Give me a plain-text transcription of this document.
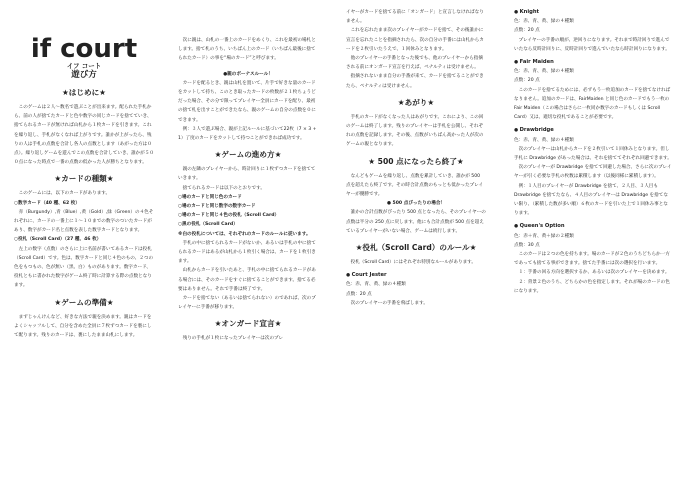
if court
イフ コート
遊び方
★はじめに★

このゲームは２人～数名で遊ぶことが出来ます。配られた手札から、前の人が捨てたカードと色や数字の同じカードを捨てていき、捨てられるカードが無ければ山札から１枚カードを引きます。これを繰り返し、手札がなくなれば上がりです。誰かが上がったら、残りの人は手札の点数を合計し各人の点数とします（あがった方は０点）。繰り返しゲームを遊んでこの点数を合計していき、誰かが５００点になった時点で一番の点数の低かった人が勝ちとなります。

★カードの種類★

このゲームには、以下のカードがあります。

○数字カード（40 種、62 枚）

赤（Burgundy）,青（Blue）,黄（Gold）,緑（Green）の４色それぞれに、カードの一番上に１～１０までの数字のついたカードがあり、数字がカード名と点数を表した数字カードとなります。

○役札（Scroll Card）（27 種、46 枚）

左上の数字（点数）のさらに上に名前が書いてあるカードは役札（Scroll Card）です。色は、数字カードと同じ４色のもの、２つの色をもつもの、色が無い（黒、白）ものがあります。数字カード、役札ともに書かれた数字がゲーム終了時に計算する際の点数となります。

★ゲームの準備★

まずじゃんけんなど、好きな方法で親を決めます。親はカードをよくシャッフルして、自分を含めた全員に７枚ずつカードを裏にして配ります。残りのカードは、裏にしたまま山札にします。

次に親は、山札の一番上のカードをめくり、これを最初の場札とします。捨て札のうち、いちばん上のカード（いちばん最後に捨てられたカード）の事を“場のカード”と呼びます。

●親のボーナスルール！

カードを配るとき、親は山札を置いて、片手で好きな量のカードをカットして持ち、このとき取ったカードの枚数が２１枚ちょうどだった場合、その分で限ってプレイヤー全員にカードを配り、最初の捨て札を出すことができたなら、親のゲームの自分の点数を０にできます。

例：３人で遊ぶ場合、親が上記ルールに基づいて22枚（7 × 3 + 1）了度のカードをカットして持つことができれば成功です。

★ゲームの進め方★

親の左隣のプレイヤーから、時計回りに１枚ずつカードを捨てていきます。

捨てられるカードは以下のとおりです。

○場のカードと同じ色のカード
○場のカードと同じ数字の数字カード
○場のカードと同じ４色の役札（Scroll Card）
○黒の役札（Scroll Card）
※白の役札については、それぞれのカードのルールに従います。

手札の中に捨てられるカードがないか、あるいは手札の中に捨てられるカードはあるが山札から１枚引く場合は、カードを１枚引きます。

山札からカードを引いたあと、手札の中に捨てられるカードがある場合には、そのカードをすぐに捨てることができます。捨てる必要はありません。それで手番は終了です。

カードを捨てない（あるいは捨てられない）のであれば、次のプレイヤーに手番が移ります。

★オンガード宣言★

残りの手札が１枚になったプレイヤーは次のプレ

イヤーがカードを捨てる前に「オンガード」と宣言しなければなりません。

これを忘れたまま次のプレイヤーがカードを捨て、その後誰かに宣言を忘れたことを指摘されたら、次の自分の手番には山札からカードを２枚引いたうえで、１回休みとなります。

他のプレイヤーの手番となった後でも、他のプレイヤーから指摘される前にオンガード宣言を行えば、ペナルティは受けません。

指摘されないまま自分の手番が来て、カードを捨てることができたら、ペナルティは受けません。

★あがり★

手札のカードがなくなった人はあがりです。これにより、この回のゲームは終了します。残りのプレイヤーは手札を公開し、それぞれの点数を記録します。その後、点数がいちばん高かった人が次のゲームの親となります。

★ 500 点になったら終了★

なんどもゲームを繰り返し、点数を累計していき、誰かが 500 点を超えたら終了です。その時合計点数のもっとも低かったプレイヤーが優勝です。

● 500 点ぴったりの場合！

誰かの合計点数がぴったり 500 点となったら、そのプレイヤーの点数は半分の 250 点に戻します。他にも合計点数が 500 点を超えているプレイヤーがいない場合、ゲームは続行します。

★役札（Scroll Card）のルール★

役札（Scroll Card）にはそれぞれ特別なルールがあります。

● Court Jester
色：赤、青、黄、緑の４種類
点数：20 点

次のプレイヤーの手番を飛ばします。

● Knight
色：赤、青、黄、緑の４種類
点数：20 点

プレイヤーの手番の順が、逆回りになります。それまで時計回りで進んでいたなら反時計回りに、反時計回りで進んでいたなら時計回りになります。

● Fair Maiden
色：赤、青、黄、緑の４種類
点数：20 点

このカードを捨てるためには、必ずもう一枚追加のカードを捨てなければなりません。追加のカードは、FairMaiden と同じ色のカードでもう一枚の Fair Maiden（この場合はさらに一枚同か数字のカードもしくは Scroll Card）又は、適切な役札であることが必要です。

● Drawbridge
色：赤、青、黄、緑の４種類

次のプレイヤーは山札からカードを２枚引いて１回休みとなります。但し手札に Drawbridge があった場合は、それを捨ててそれぞれ回避できます。

次のプレイヤーが Drawbridge を捨てて回避した場合、さらに次のプレイヤーが引く必要な手札の枚数は累積します（以後同様に累積します）。

例：１人目のプレイヤーが Drawbridge を捨て、２人目、３人目も Drawbridge を捨てたなら、４人目のプレイヤーは Drawbridge を捨てない限り、（累積した数が多い順）６枚のカードを引いた上で１回休み事となります。

● Queen's Option
色：赤＋青、黄＋緑の２種類
点数：30 点

このカードは２つの色を持ちます。場のカードが２色のうちどちらか一方であっても捨てる事ができます。捨てた手番には次の選択を行います。

１：手番の回る方向を選択するか、あるいは次のプレイヤーを決めます。

２：背景２色のうち、どちらかの色を指定します。それが場のカードの色になります。
